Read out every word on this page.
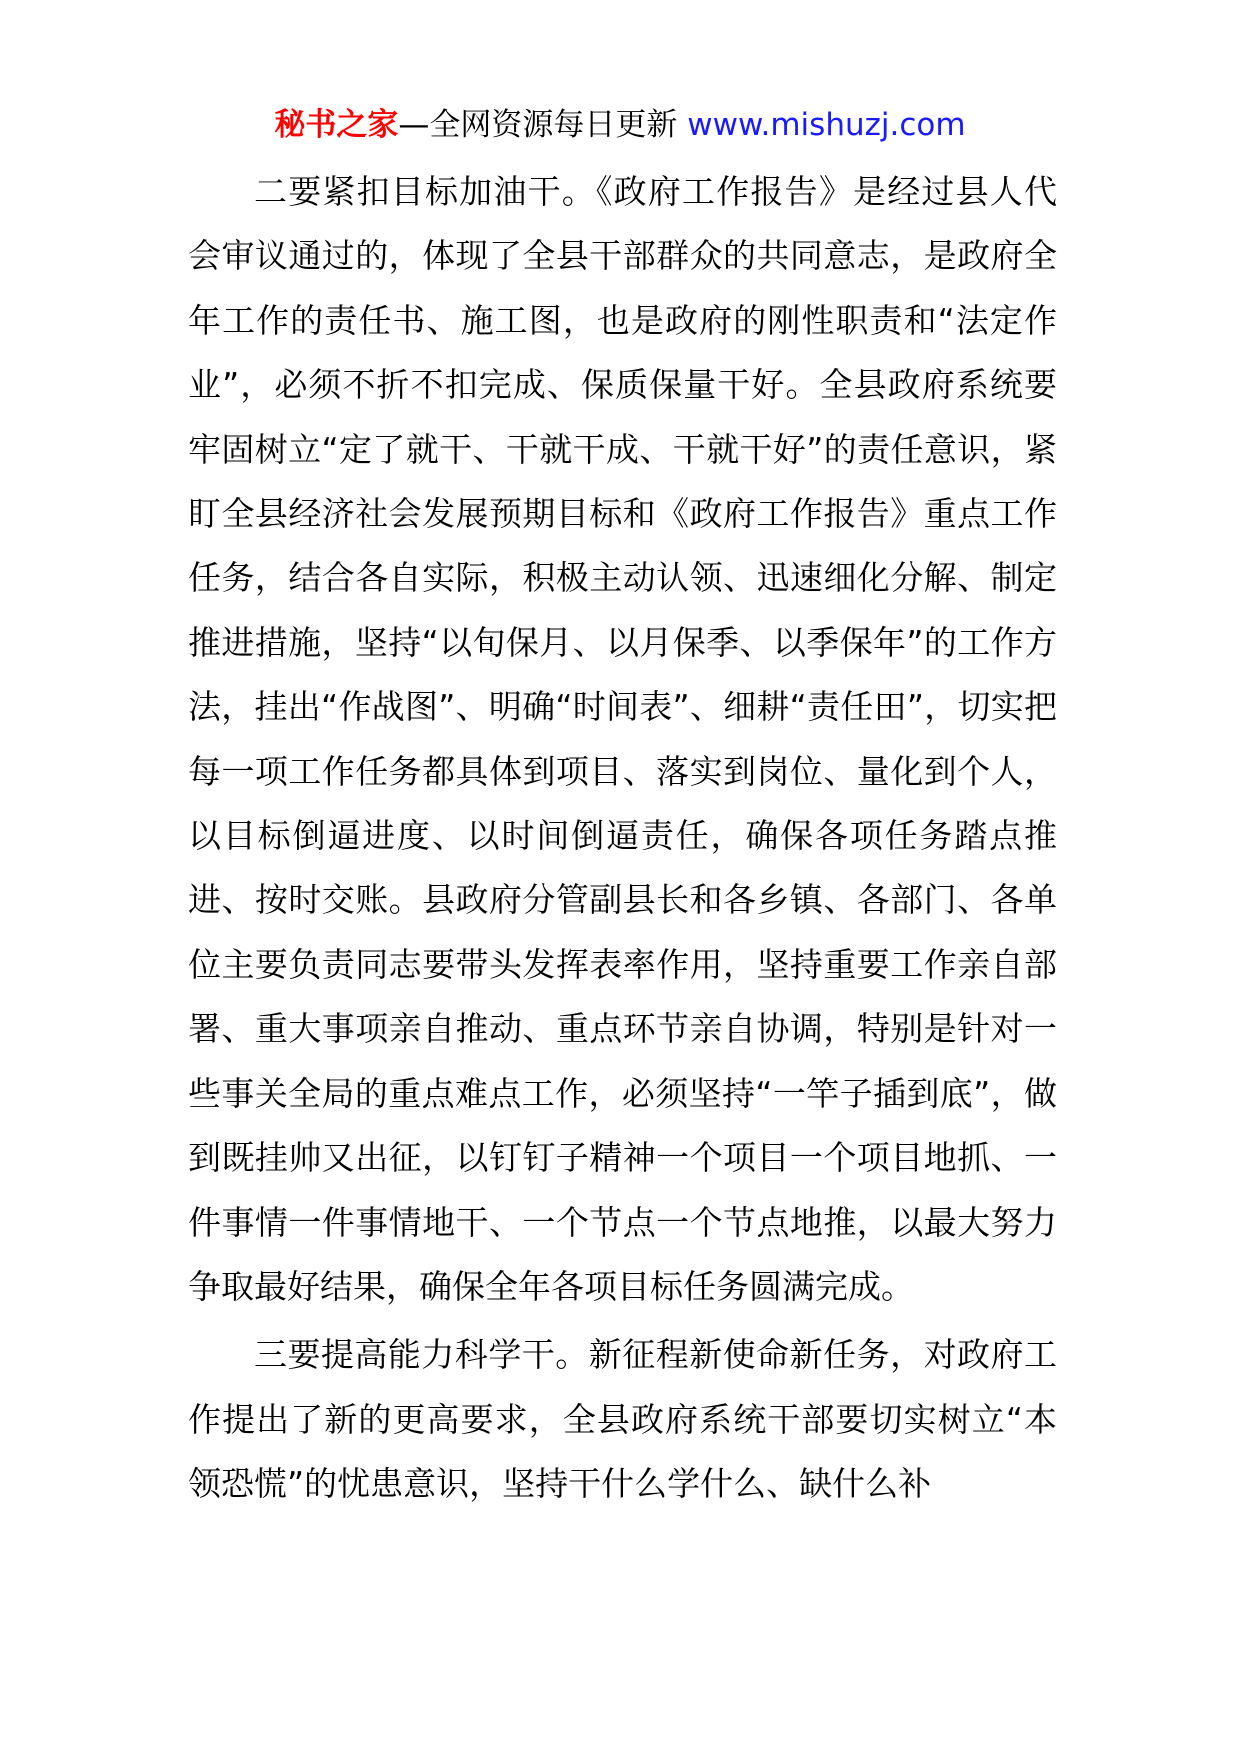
秘书之家—全网资源每日更新 www.mishuzj.com

二要紧扣目标加油干。《政府工作报告》是经过县人代会审议通过的，体现了全县干部群众的共同意志，是政府全年工作的责任书、施工图，也是政府的刚性职责和“法定作业”，必须不折不扣完成、保质保量干好。全县政府系统要牢固树立“定了就干、干就干成、干就干好”的责任意识，紧盯全县经济社会发展预期目标和《政府工作报告》重点工作任务，结合各自实际，积极主动认领、迅速细化分解、制定推进措施，坚持“以旬保月、以月保季、以季保年”的工作方法，挂出“作战图”、明确“时间表”、细耕“责任田”，切实把每一项工作任务都具体到项目、落实到岗位、量化到个人，以目标倒逼进度、以时间倒逼责任，确保各项任务踏点推进、按时交账。县政府分管副县长和各乡镇、各部门、各单位主要负责同志要带头发挥表率作用，坚持重要工作亲自部署、重大事项亲自推动、重点环节亲自协调，特别是针对一些事关全局的重点难点工作，必须坚持“一竿子插到底”，做到既挂帅又出征，以钉钉子精神一个项目一个项目地抓、一件事情一件事情地干、一个节点一个节点地推，以最大努力争取最好结果，确保全年各项目标任务圆满完成。

三要提高能力科学干。新征程新使命新任务，对政府工作提出了新的更高要求，全县政府系统干部要切实树立“本领恐慌”的忧患意识，坚持干什么学什么、缺什么补
